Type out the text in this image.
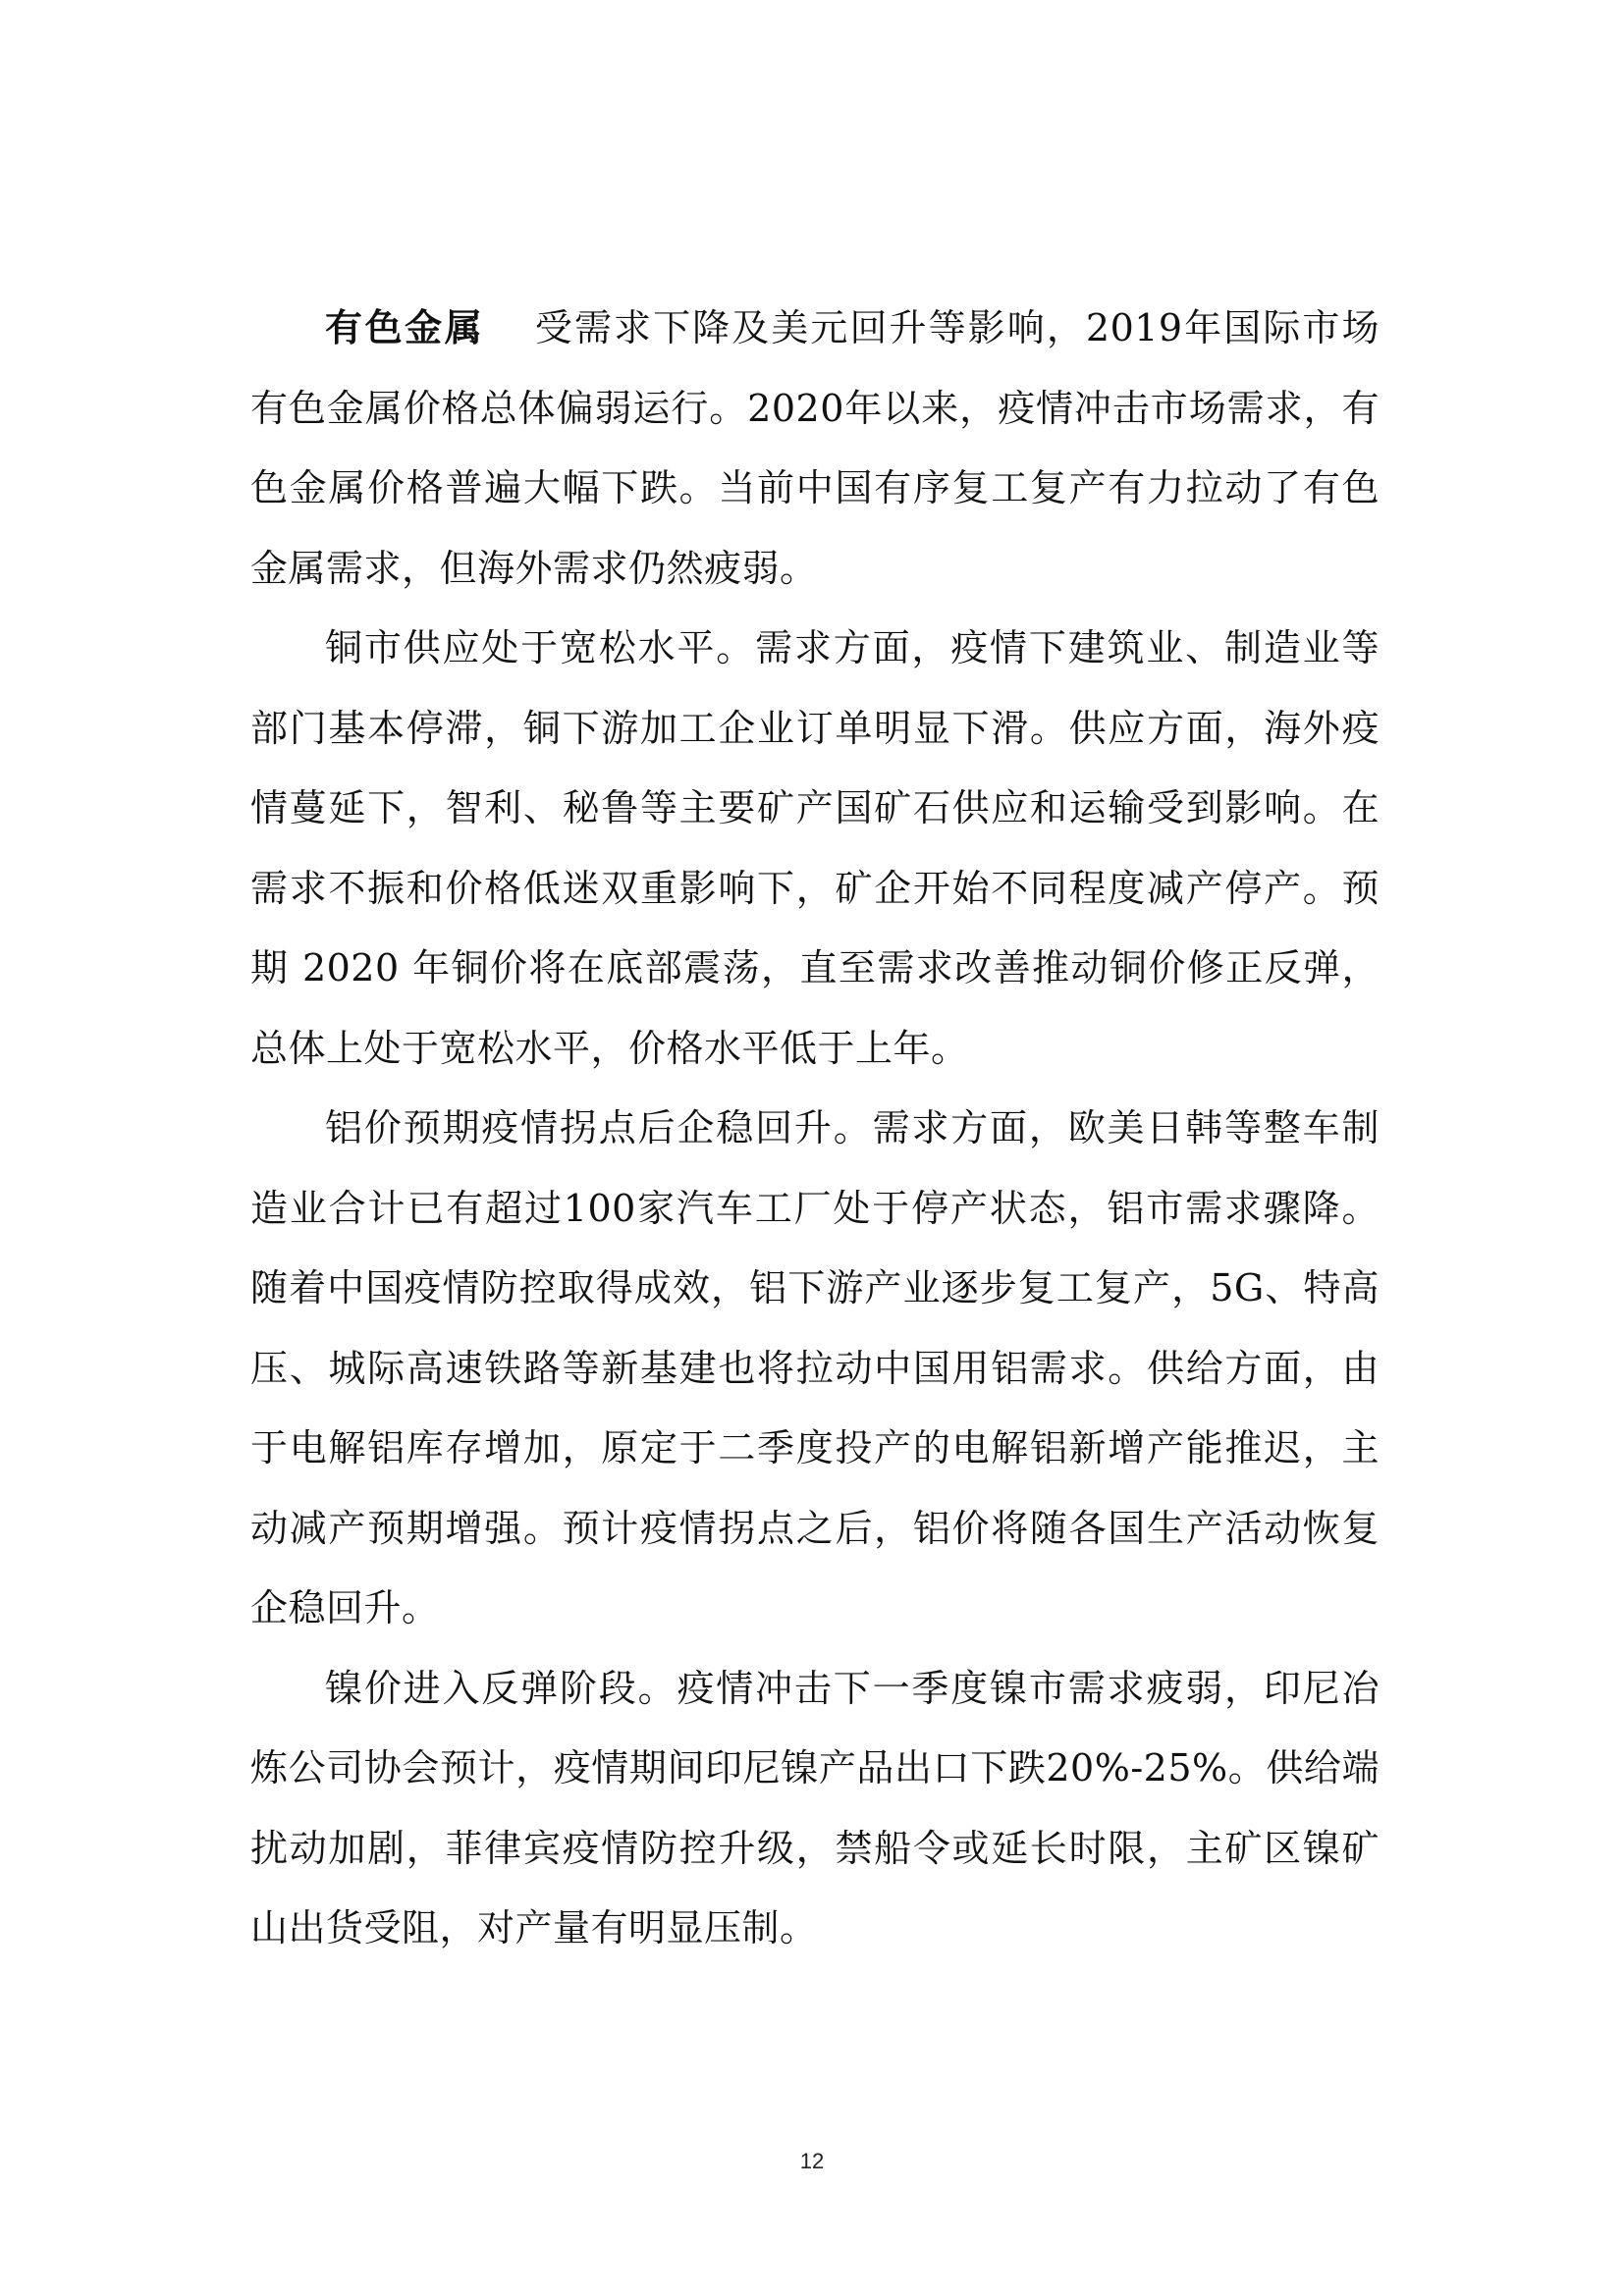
有色金属 受需求下降及美元回升等影响，2019年国际市场有色金属价格总体偏弱运行。2020年以来，疫情冲击市场需求，有色金属价格普遍大幅下跌。当前中国有序复工复产有力拉动了有色金属需求，但海外需求仍然疲弱。

铜市供应处于宽松水平。需求方面，疫情下建筑业、制造业等部门基本停滞，铜下游加工企业订单明显下滑。供应方面，海外疫情蔓延下，智利、秘鲁等主要矿产国矿石供应和运输受到影响。在需求不振和价格低迷双重影响下，矿企开始不同程度减产停产。预期 2020 年铜价将在底部震荡，直至需求改善推动铜价修正反弹，总体上处于宽松水平，价格水平低于上年。

铝价预期疫情拐点后企稳回升。需求方面，欧美日韩等整车制造业合计已有超过100家汽车工厂处于停产状态，铝市需求骤降。随着中国疫情防控取得成效，铝下游产业逐步复工复产，5G、特高压、城际高速铁路等新基建也将拉动中国用铝需求。供给方面，由于电解铝库存增加，原定于二季度投产的电解铝新增产能推迟，主动减产预期增强。预计疫情拐点之后，铝价将随各国生产活动恢复企稳回升。

镍价进入反弹阶段。疫情冲击下一季度镍市需求疲弱，印尼冶炼公司协会预计，疫情期间印尼镍产品出口下跌20%-25%。供给端扰动加剧，菲律宾疫情防控升级，禁船令或延长时限，主矿区镍矿山出货受阻，对产量有明显压制。

12
